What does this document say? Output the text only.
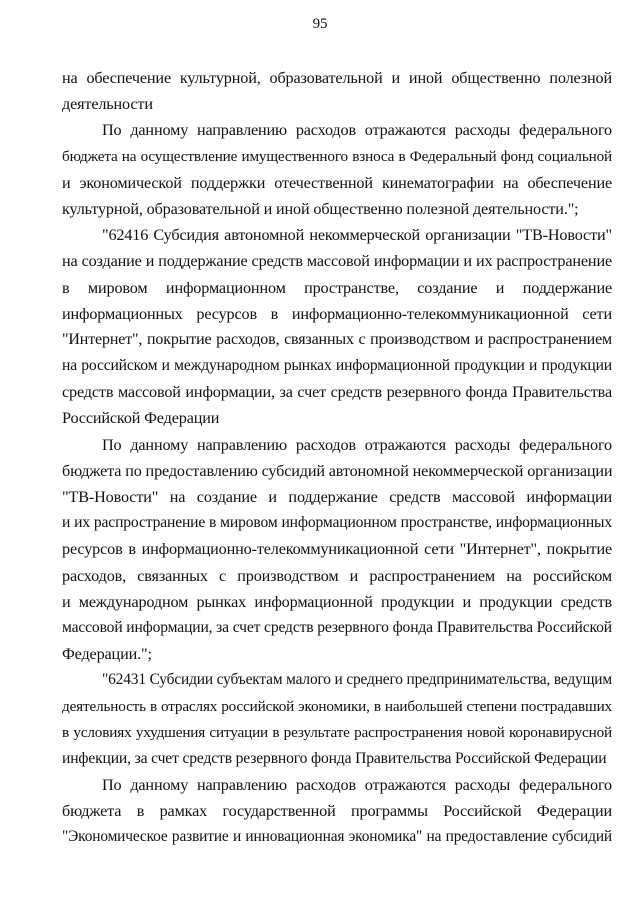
95
на обеспечение культурной, образовательной и иной общественно полезной
деятельности
По данному направлению расходов отражаются расходы федерального
бюджета на осуществление имущественного взноса в Федеральный фонд социальной
и экономической поддержки отечественной кинематографии на обеспечение
культурной, образовательной и иной общественно полезной деятельности.";
"62416 Субсидия автономной некоммерческой организации "ТВ-Новости"
на создание и поддержание средств массовой информации и их распространение
в мировом информационном пространстве, создание и поддержание
информационных ресурсов в информационно-телекоммуникационной сети
"Интернет", покрытие расходов, связанных с производством и распространением
на российском и международном рынках информационной продукции и продукции
средств массовой информации, за счет средств резервного фонда Правительства
Российской Федерации
По данному направлению расходов отражаются расходы федерального
бюджета по предоставлению субсидий автономной некоммерческой организации
"ТВ-Новости" на создание и поддержание средств массовой информации
и их распространение в мировом информационном пространстве, информационных
ресурсов в информационно-телекоммуникационной сети "Интернет", покрытие
расходов, связанных с производством и распространением на российском
и международном рынках информационной продукции и продукции средств
массовой информации, за счет средств резервного фонда Правительства Российской
Федерации.";
"62431 Субсидии субъектам малого и среднего предпринимательства, ведущим
деятельность в отраслях российской экономики, в наибольшей степени пострадавших
в условиях ухудшения ситуации в результате распространения новой коронавирусной
инфекции, за счет средств резервного фонда Правительства Российской Федерации
По данному направлению расходов отражаются расходы федерального
бюджета в рамках государственной программы Российской Федерации
"Экономическое развитие и инновационная экономика" на предоставление субсидий
